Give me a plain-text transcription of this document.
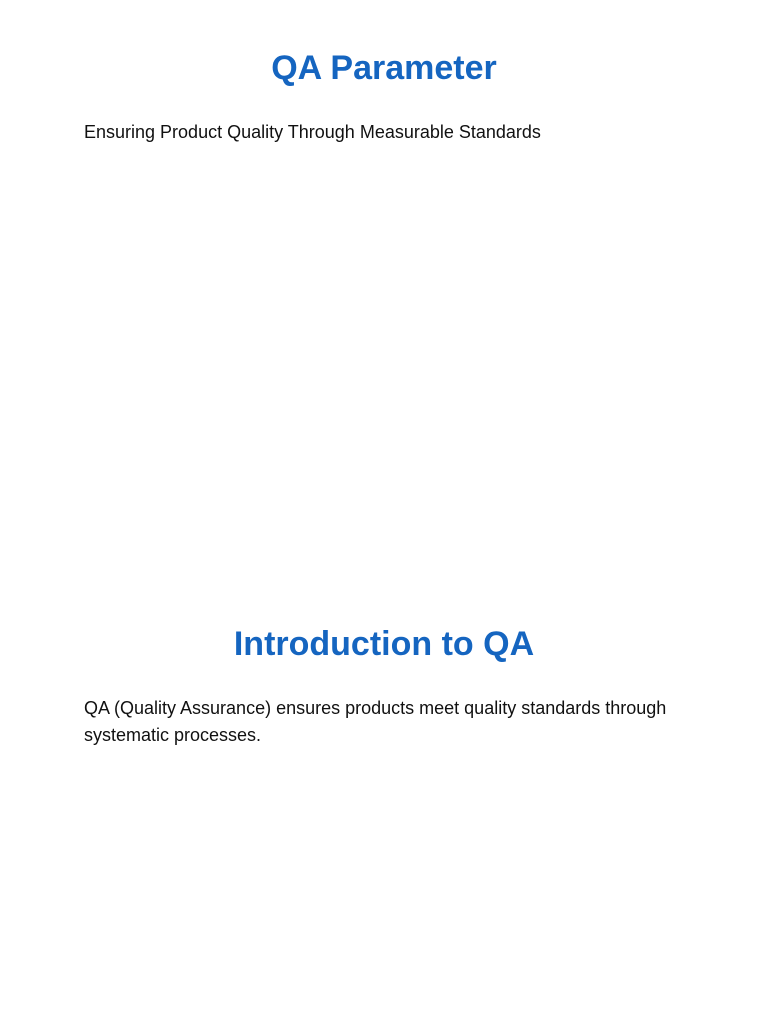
QA Parameter

Ensuring Product Quality Through Measurable Standards

Introduction to QA

QA (Quality Assurance) ensures products meet quality standards through systematic processes.
